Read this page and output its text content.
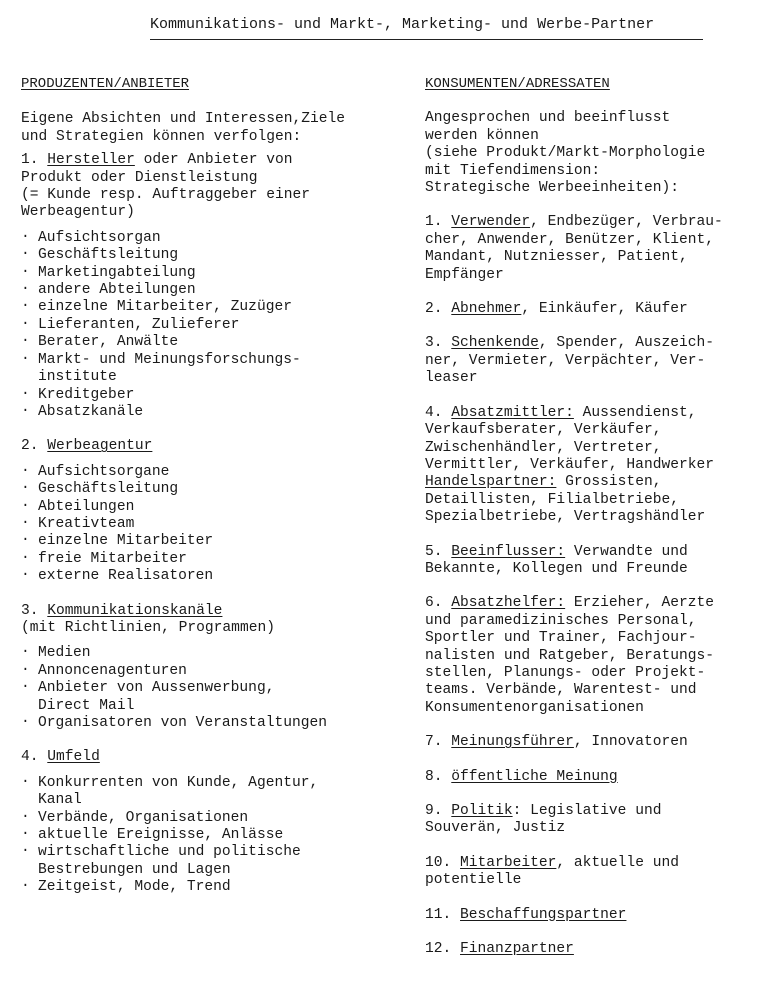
Kommunikations- und Markt-, Marketing- und Werbe-Partner
PRODUZENTEN/ANBIETER

Eigene Absichten und Interessen,Ziele

und Strategien können verfolgen:

1. Hersteller oder Anbieter von

Produkt oder Dienstleistung

(= Kunde resp. Auftraggeber einer

Werbeagentur)

. Aufsichtsorgan
. Geschäftsleitung
. Marketingabteilung
. andere Abteilungen
. einzelne Mitarbeiter, Zuzüger
. Lieferanten, Zulieferer
. Berater, Anwälte
. Markt- und Meinungsforschungs-
institute
. Kreditgeber
. Absatzkanäle

2. Werbeagentur

. Aufsichtsorgane
. Geschäftsleitung
. Abteilungen
. Kreativteam
. einzelne Mitarbeiter
. freie Mitarbeiter
. externe Realisatoren

3. Kommunikationskanäle

(mit Richtlinien, Programmen)

. Medien
. Annoncenagenturen
. Anbieter von Aussenwerbung,
Direct Mail
. Organisatoren von Veranstaltungen

4. Umfeld

. Konkurrenten von Kunde, Agentur,
Kanal
. Verbände, Organisationen
. aktuelle Ereignisse, Anlässe
. wirtschaftliche und politische
Bestrebungen und Lagen
. Zeitgeist, Mode, Trend
KONSUMENTEN/ADRESSATEN

Angesprochen und beeinflusst

werden können

(siehe Produkt/Markt-Morphologie

mit Tiefendimension:

Strategische Werbeeinheiten):

1. Verwender, Endbezüger, Verbrau-

cher, Anwender, Benützer, Klient,

Mandant, Nutzniesser, Patient,

Empfänger

2. Abnehmer, Einkäufer, Käufer

3. Schenkende, Spender, Auszeich-

ner, Vermieter, Verpächter, Ver-

leaser

4. Absatzmittler: Aussendienst,

Verkaufsberater, Verkäufer,

Zwischenhändler, Vertreter,

Vermittler, Verkäufer, Handwerker

Handelspartner: Grossisten,

Detaillisten, Filialbetriebe,

Spezialbetriebe, Vertragshändler

5. Beeinflusser: Verwandte und

Bekannte, Kollegen und Freunde

6. Absatzhelfer: Erzieher, Aerzte

und paramedizinisches Personal,

Sportler und Trainer, Fachjour-

nalisten und Ratgeber, Beratungs-

stellen, Planungs- oder Projekt-

teams. Verbände, Warentest- und

Konsumentenorganisationen

7. Meinungsführer, Innovatoren

8. öffentliche Meinung

9. Politik: Legislative und

Souverän, Justiz

10. Mitarbeiter, aktuelle und

potentielle

11. Beschaffungspartner

12. Finanzpartner
